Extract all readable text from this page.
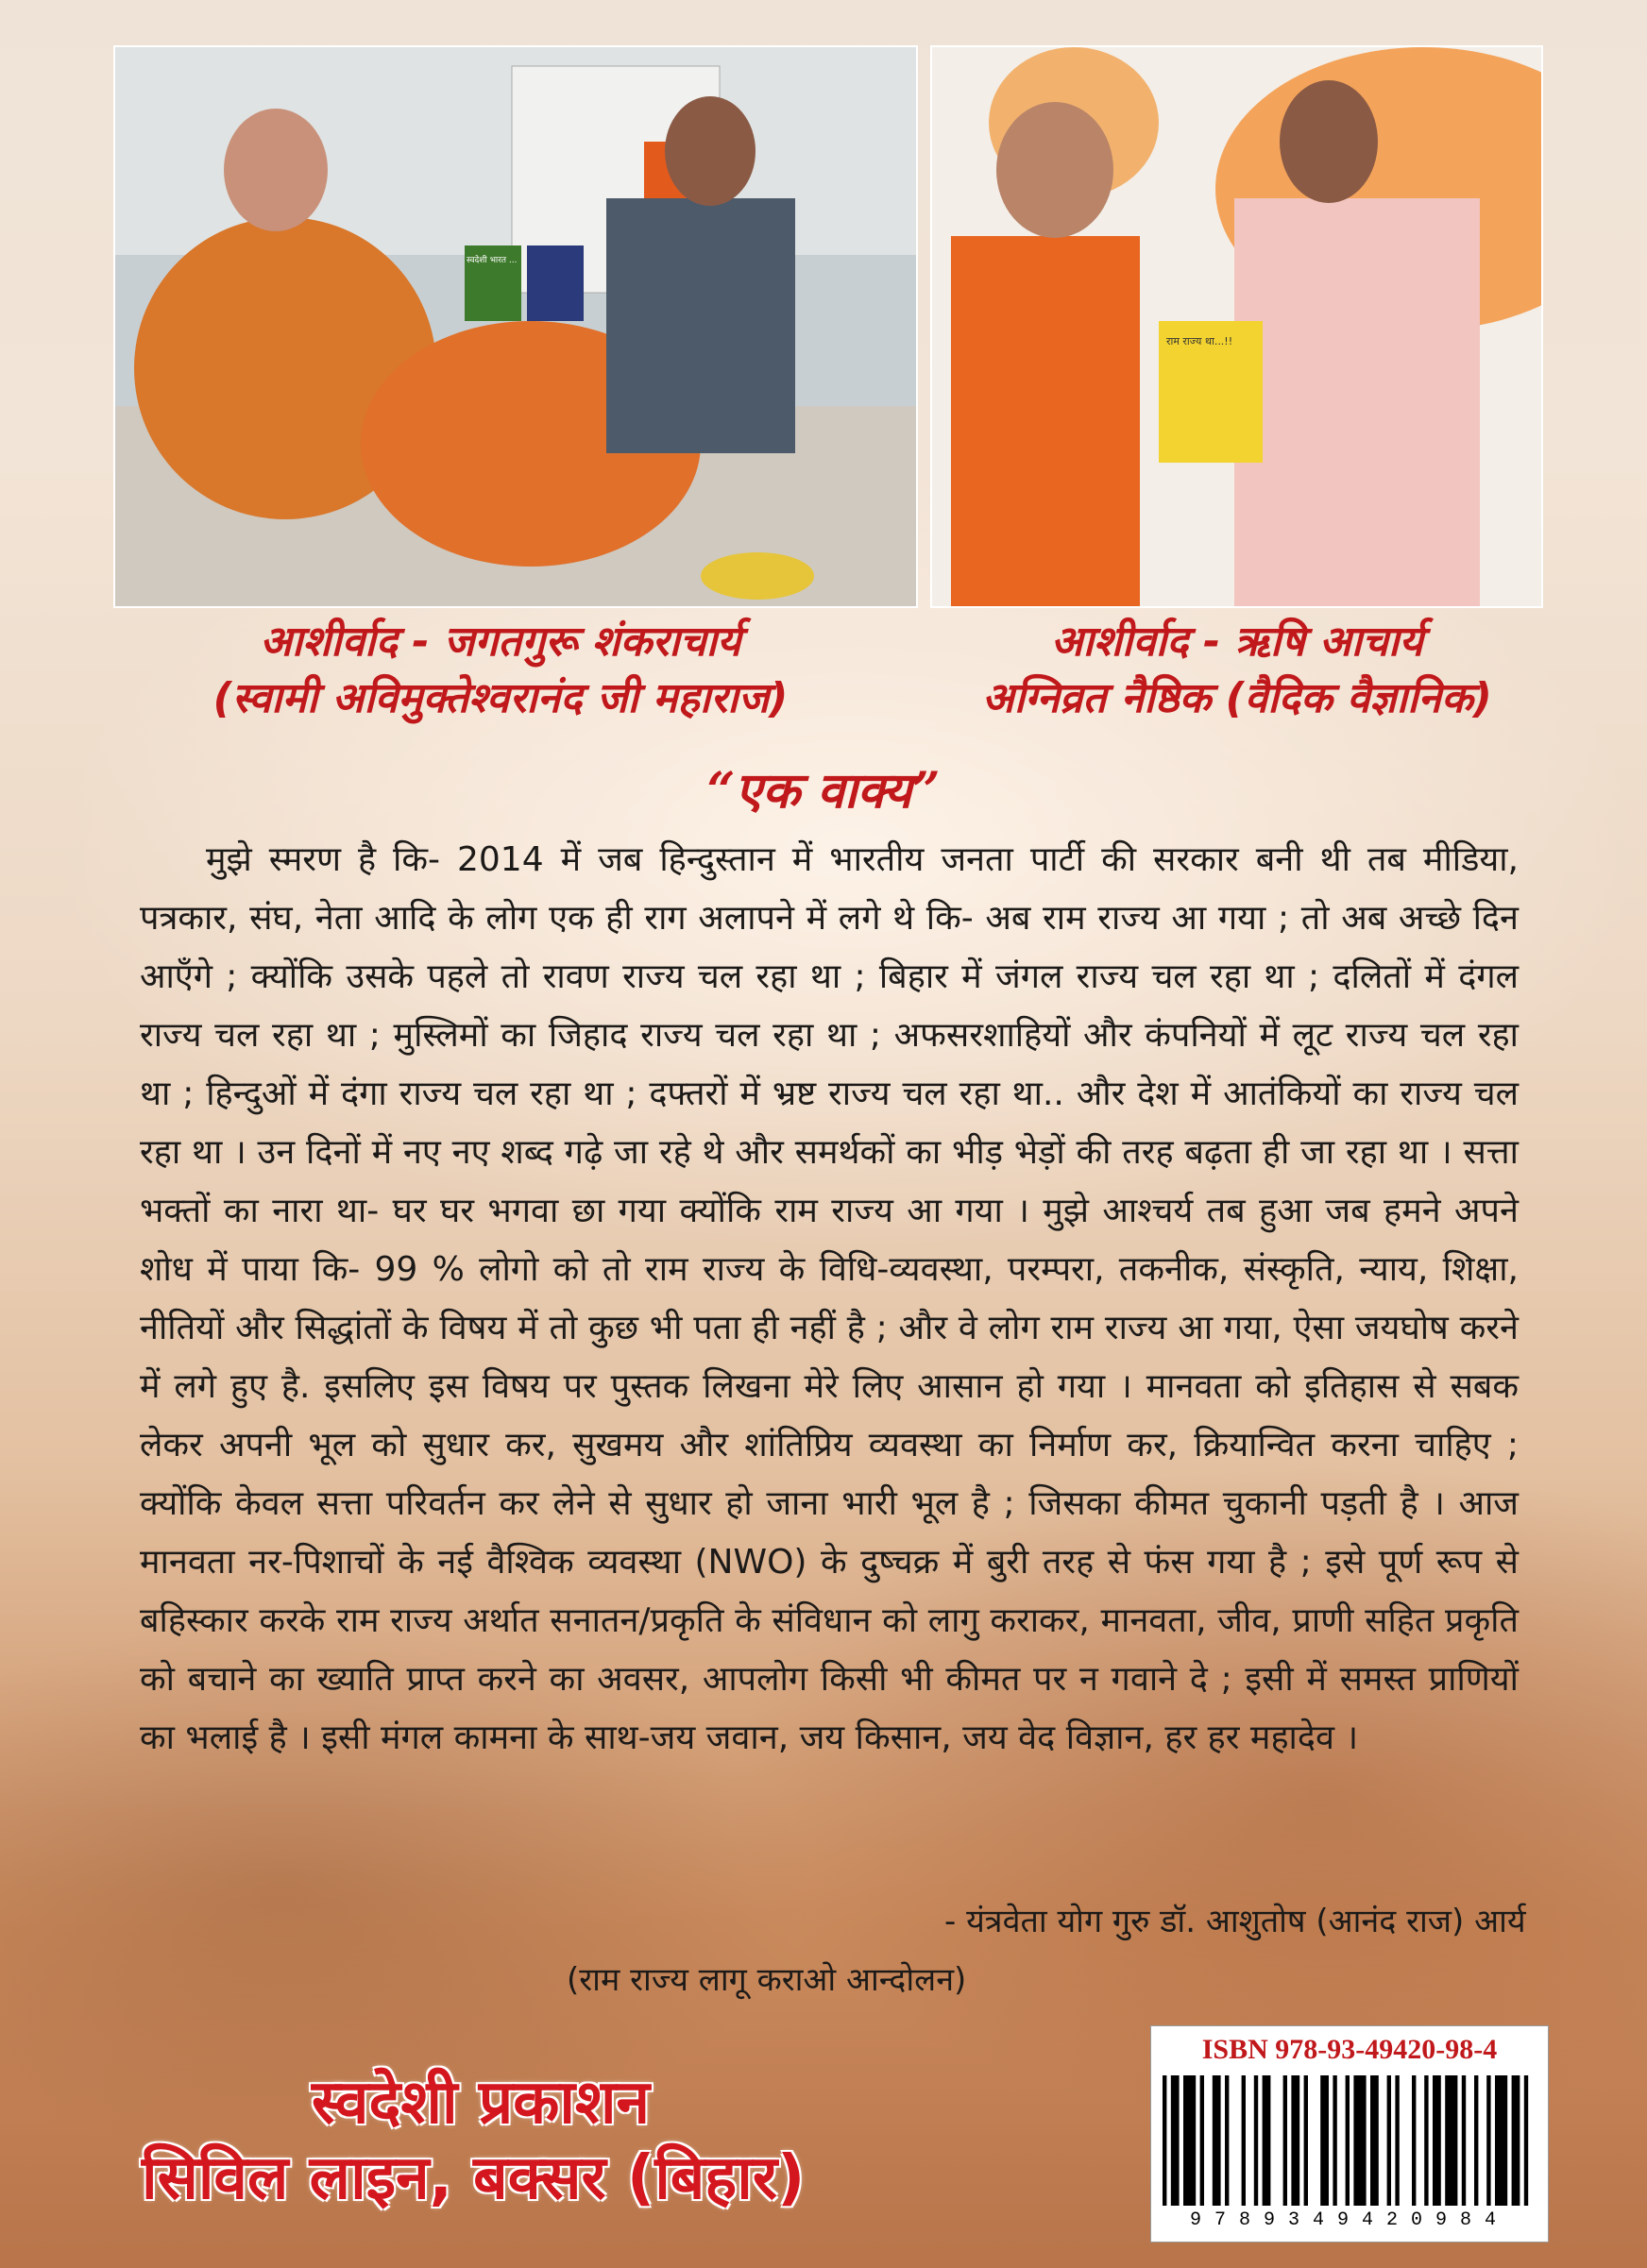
स्वदेशी भारत ...
राम राज्य था...!!
आशीर्वाद - जगतगुरू शंकराचार्य
(स्वामी अविमुक्तेश्वरानंद जी महाराज)
आशीर्वाद - ऋषि आचार्य
अग्निव्रत नैष्ठिक (वैदिक वैज्ञानिक)
“एक वाक्य”
मुझे स्मरण है कि- 2014 में जब हिन्दुस्तान में भारतीय जनता पार्टी की सरकार बनी थी तब मीडिया, पत्रकार, संघ, नेता आदि के लोग एक ही राग अलापने में लगे थे कि- अब राम राज्य आ गया ; तो अब अच्छे दिन आएँगे ; क्योंकि उसके पहले तो रावण राज्य चल रहा था ; बिहार में जंगल राज्य चल रहा था ; दलितों में दंगल राज्य चल रहा था ; मुस्लिमों का जिहाद राज्य चल रहा था ; अफसरशाहियों और कंपनियों में लूट राज्य चल रहा था ; हिन्दुओं में दंगा राज्य चल रहा था ; दफ्तरों में भ्रष्ट राज्य चल रहा था.. और देश में आतंकियों का राज्य चल रहा था । उन दिनों में नए नए शब्द गढ़े जा रहे थे और समर्थकों का भीड़ भेड़ों की तरह बढ़ता ही जा रहा था । सत्ता भक्तों का नारा था- घर घर भगवा छा गया क्योंकि राम राज्य आ गया । मुझे आश्चर्य तब हुआ जब हमने अपने शोध में पाया कि- 99 % लोगो को तो राम राज्य के विधि-व्यवस्था, परम्परा, तकनीक, संस्कृति, न्याय, शिक्षा, नीतियों और सिद्धांतों के विषय में तो कुछ भी पता ही नहीं है ; और वे लोग राम राज्य आ गया, ऐसा जयघोष करने में लगे हुए है. इसलिए इस विषय पर पुस्तक लिखना मेरे लिए आसान हो गया । मानवता को इतिहास से सबक लेकर अपनी भूल को सुधार कर, सुखमय और शांतिप्रिय व्यवस्था का निर्माण कर, क्रियान्वित करना चाहिए ; क्योंकि केवल सत्ता परिवर्तन कर लेने से सुधार हो जाना भारी भूल है ; जिसका कीमत चुकानी पड़ती है । आज मानवता नर-पिशाचों के नई वैश्विक व्यवस्था (NWO) के दुष्चक्र में बुरी तरह से फंस गया है ; इसे पूर्ण रूप से बहिस्कार करके राम राज्य अर्थात सनातन/प्रकृति के संविधान को लागु कराकर, मानवता, जीव, प्राणी सहित प्रकृति को बचाने का ख्याति प्राप्त करने का अवसर, आपलोग किसी भी कीमत पर न गवाने दे ; इसी में समस्त प्राणियों का भलाई है । इसी मंगल कामना के साथ-जय जवान, जय किसान, जय वेद विज्ञान, हर हर महादेव ।
- यंत्रवेता योग गुरु डॉ. आशुतोष (आनंद राज) आर्य
(राम राज्य लागू कराओ आन्दोलन)
स्वदेशी प्रकाशन
सिविल लाइन, बक्सर (बिहार)
ISBN 978-93-49420-98-4
9789349420984
